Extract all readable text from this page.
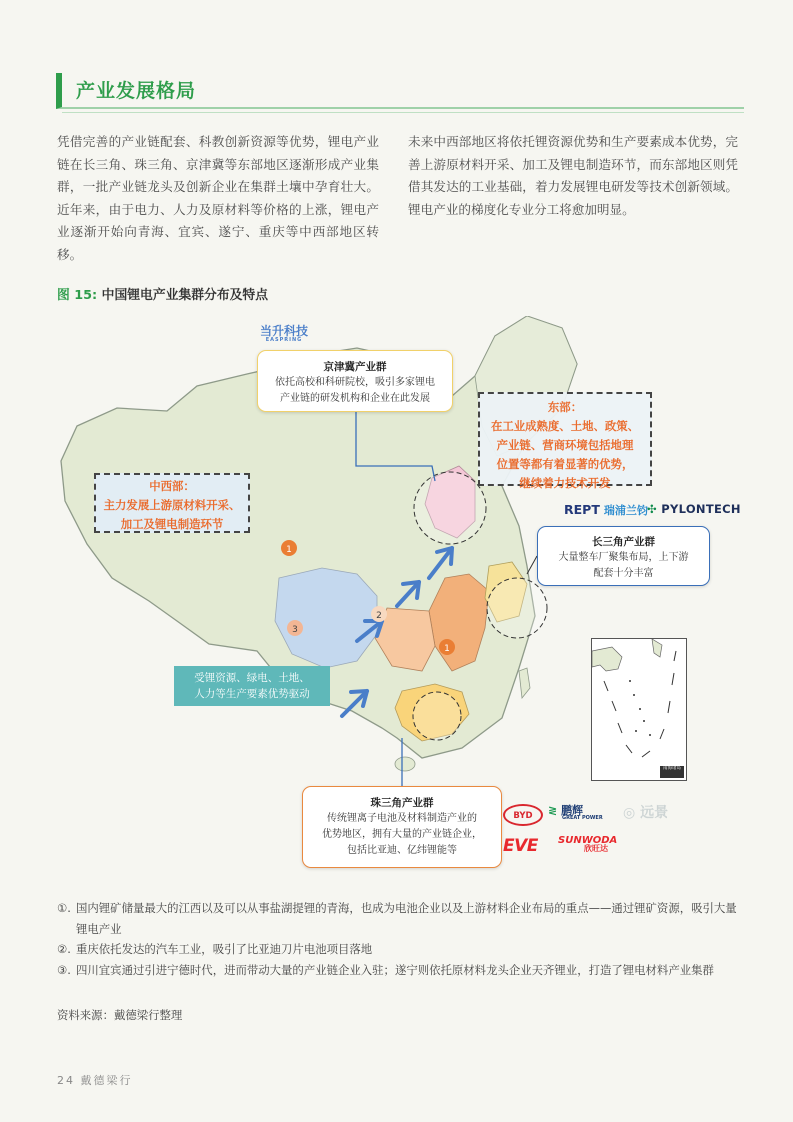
产业发展格局
凭借完善的产业链配套、科教创新资源等优势，锂电产业链在长三角、珠三角、京津冀等东部地区逐渐形成产业集群，一批产业链龙头及创新企业在集群土壤中孕育壮大。近年来，由于电力、人力及原材料等价格的上涨，锂电产业逐渐开始向青海、宜宾、遂宁、重庆等中西部地区转移。
未来中西部地区将依托锂资源优势和生产要素成本优势，完善上游原材料开采、加工及锂电制造环节，而东部地区则凭借其发达的工业基础，着力发展锂电研发等技术创新领域。锂电产业的梯度化专业分工将愈加明显。
图 15: 中国锂电产业集群分布及特点
1
2
3
1
当升科技
EASPRING
REPT 瑞浦兰钧 ✣ PYLONTECH
京津冀产业群
依托高校和科研院校，吸引多家锂电
产业链的研发机构和企业在此发展
长三角产业群
大量整车厂聚集布局，上下游
配套十分丰富
珠三角产业群
传统锂离子电池及材料制造产业的
优势地区，拥有大量的产业链企业，
包括比亚迪、亿纬锂能等
中西部：
主力发展上游原材料开采、
加工及锂电制造环节
东部：
在工业成熟度、土地、政策、
产业链、营商环境包括地理
位置等都有着显著的优势，
继续着力技术开发
受锂资源、绿电、土地、
人力等生产要素优势驱动
BYD	≷ 鹏辉
GREAT POWER ◎ 远景
EVE SUNWODA
欣旺达
南海诸岛
①. 国内锂矿储量最大的江西以及可以从事盐湖提锂的青海，也成为电池企业以及上游材料企业布局的重点——通过锂矿资源，吸引大量锂电产业
②. 重庆依托发达的汽车工业，吸引了比亚迪刀片电池项目落地
③. 四川宜宾通过引进宁德时代，进而带动大量的产业链企业入驻；遂宁则依托原材料龙头企业天齐锂业，打造了锂电材料产业集群
资料来源：戴德梁行整理
24 戴德梁行
